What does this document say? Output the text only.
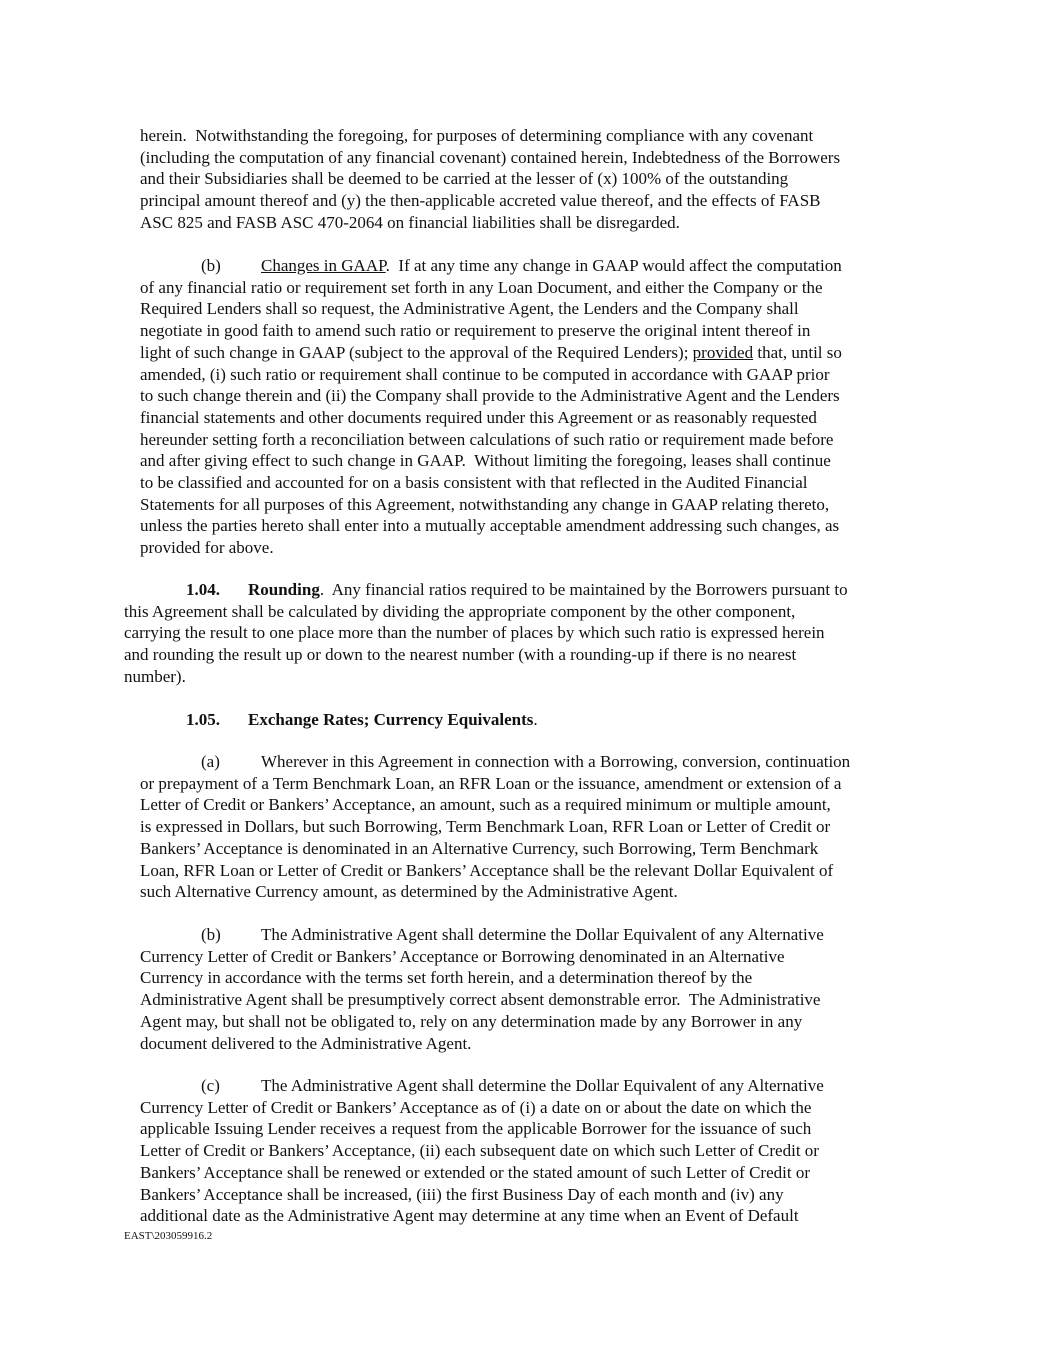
herein.  Notwithstanding the foregoing, for purposes of determining compliance with any covenant
(including the computation of any financial covenant) contained herein, Indebtedness of the Borrowers
and their Subsidiaries shall be deemed to be carried at the lesser of (x) 100% of the outstanding
principal amount thereof and (y) the then-applicable accreted value thereof, and the effects of FASB
ASC 825 and FASB ASC 470-2064 on financial liabilities shall be disregarded.
(b) Changes in GAAP.  If at any time any change in GAAP would affect the computation
of any financial ratio or requirement set forth in any Loan Document, and either the Company or the
Required Lenders shall so request, the Administrative Agent, the Lenders and the Company shall
negotiate in good faith to amend such ratio or requirement to preserve the original intent thereof in
light of such change in GAAP (subject to the approval of the Required Lenders); provided that, until so
amended, (i) such ratio or requirement shall continue to be computed in accordance with GAAP prior
to such change therein and (ii) the Company shall provide to the Administrative Agent and the Lenders
financial statements and other documents required under this Agreement or as reasonably requested
hereunder setting forth a reconciliation between calculations of such ratio or requirement made before
and after giving effect to such change in GAAP.  Without limiting the foregoing, leases shall continue
to be classified and accounted for on a basis consistent with that reflected in the Audited Financial
Statements for all purposes of this Agreement, notwithstanding any change in GAAP relating thereto,
unless the parties hereto shall enter into a mutually acceptable amendment addressing such changes, as
provided for above.
1.04. Rounding.  Any financial ratios required to be maintained by the Borrowers pursuant to
this Agreement shall be calculated by dividing the appropriate component by the other component,
carrying the result to one place more than the number of places by which such ratio is expressed herein
and rounding the result up or down to the nearest number (with a rounding-up if there is no nearest
number).
1.05. Exchange Rates; Currency Equivalents.
(a) Wherever in this Agreement in connection with a Borrowing, conversion, continuation
or prepayment of a Term Benchmark Loan, an RFR Loan or the issuance, amendment or extension of a
Letter of Credit or Bankers’ Acceptance, an amount, such as a required minimum or multiple amount,
is expressed in Dollars, but such Borrowing, Term Benchmark Loan, RFR Loan or Letter of Credit or
Bankers’ Acceptance is denominated in an Alternative Currency, such Borrowing, Term Benchmark
Loan, RFR Loan or Letter of Credit or Bankers’ Acceptance shall be the relevant Dollar Equivalent of
such Alternative Currency amount, as determined by the Administrative Agent.
(b) The Administrative Agent shall determine the Dollar Equivalent of any Alternative
Currency Letter of Credit or Bankers’ Acceptance or Borrowing denominated in an Alternative
Currency in accordance with the terms set forth herein, and a determination thereof by the
Administrative Agent shall be presumptively correct absent demonstrable error.  The Administrative
Agent may, but shall not be obligated to, rely on any determination made by any Borrower in any
document delivered to the Administrative Agent.
(c) The Administrative Agent shall determine the Dollar Equivalent of any Alternative
Currency Letter of Credit or Bankers’ Acceptance as of (i) a date on or about the date on which the
applicable Issuing Lender receives a request from the applicable Borrower for the issuance of such
Letter of Credit or Bankers’ Acceptance, (ii) each subsequent date on which such Letter of Credit or
Bankers’ Acceptance shall be renewed or extended or the stated amount of such Letter of Credit or
Bankers’ Acceptance shall be increased, (iii) the first Business Day of each month and (iv) any
additional date as the Administrative Agent may determine at any time when an Event of Default
EAST\203059916.2
